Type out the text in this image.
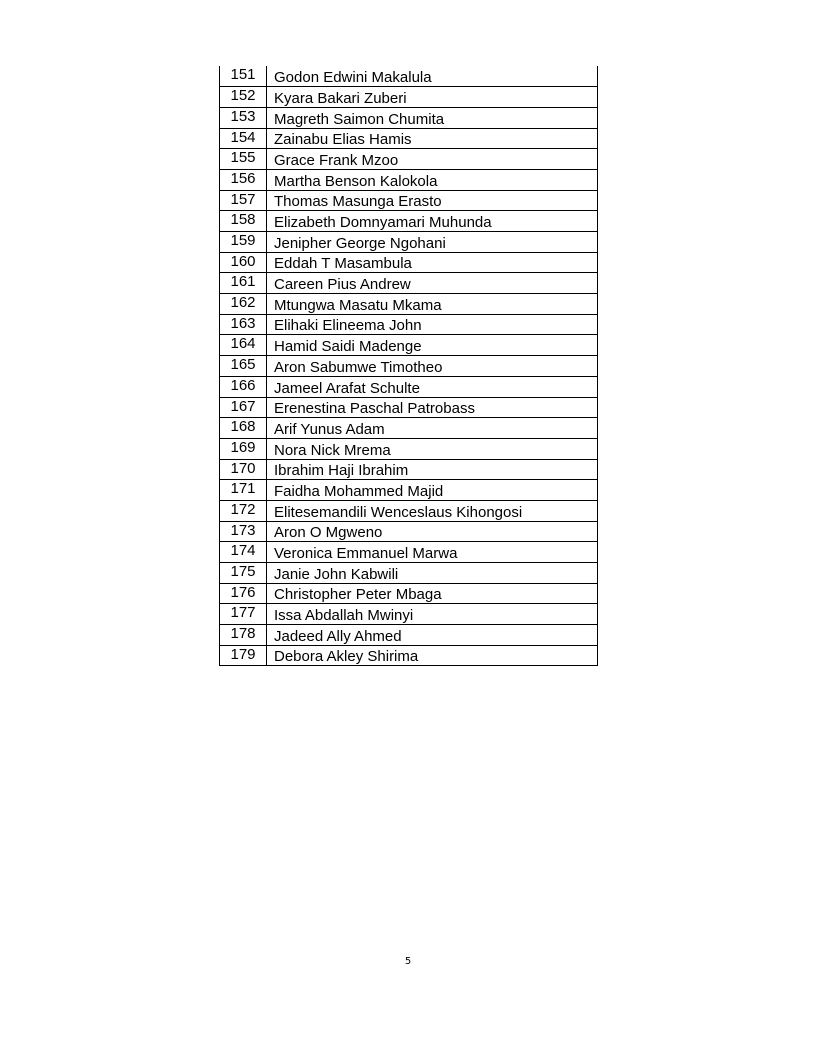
151	Godon Edwini Makalula
152	Kyara Bakari Zuberi
153	Magreth Saimon Chumita
154	Zainabu Elias Hamis
155	Grace Frank Mzoo
156	Martha Benson Kalokola
157	Thomas Masunga Erasto
158	Elizabeth Domnyamari Muhunda
159	Jenipher George Ngohani
160	Eddah T Masambula
161	Careen Pius Andrew
162	Mtungwa Masatu Mkama
163	Elihaki Elineema John
164	Hamid Saidi Madenge
165	Aron Sabumwe Timotheo
166	Jameel Arafat Schulte
167	Erenestina Paschal Patrobass
168	Arif Yunus Adam
169	Nora Nick Mrema
170	Ibrahim Haji Ibrahim
171	Faidha Mohammed Majid
172	Elitesemandili Wenceslaus Kihongosi
173	Aron O Mgweno
174	Veronica Emmanuel Marwa
175	Janie John Kabwili
176	Christopher Peter Mbaga
177	Issa Abdallah Mwinyi
178	Jadeed Ally Ahmed
179	Debora Akley Shirima
5
